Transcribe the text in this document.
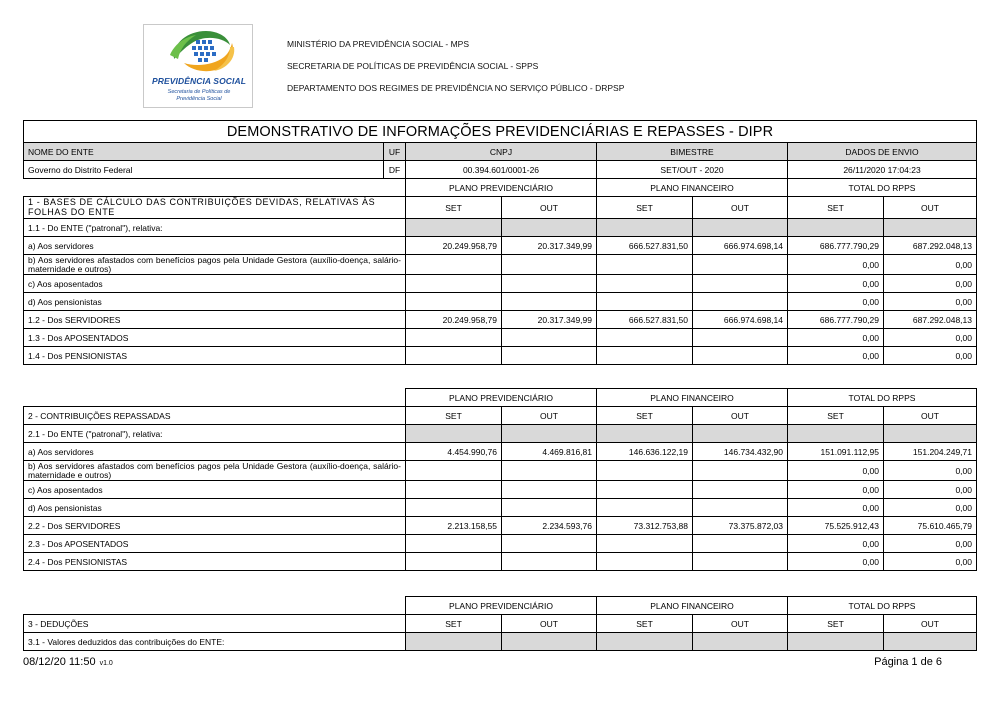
PREVIDÊNCIA SOCIAL
Secretaria de Políticas de
Previdência Social
MINISTÉRIO DA PREVIDÊNCIA SOCIAL - MPS
SECRETARIA DE POLÍTICAS DE PREVIDÊNCIA SOCIAL - SPPS
DEPARTAMENTO DOS REGIMES DE PREVIDÊNCIA NO SERVIÇO PÚBLICO - DRPSP
DEMONSTRATIVO DE INFORMAÇÕES PREVIDENCIÁRIAS E REPASSES - DIPR							
NOME DO ENTE	UF	CNPJ		BIMESTRE		DADOS DE ENVIO	
Governo do Distrito Federal	DF	00.394.601/0001-26		SET/OUT - 2020		26/11/2020 17:04:23	
		PLANO PREVIDENCIÁRIO		PLANO FINANCEIRO		TOTAL DO RPPS	
1 - BASES DE CÁLCULO DAS CONTRIBUIÇÕES DEVIDAS, RELATIVAS ÀS FOLHAS DO ENTE		SET	OUT	SET	OUT	SET	OUT
1.1 - Do ENTE ("patronal"), relativa:							
a) Aos servidores		20.249.958,79	20.317.349,99	666.527.831,50	666.974.698,14	686.777.790,29	687.292.048,13
b) Aos servidores afastados com benefícios pagos pela Unidade Gestora (auxílio-doença, salário-maternidade e outros)						0,00	0,00
c) Aos aposentados						0,00	0,00
d) Aos pensionistas						0,00	0,00
1.2 - Dos SERVIDORES		20.249.958,79	20.317.349,99	666.527.831,50	666.974.698,14	686.777.790,29	687.292.048,13
1.3 - Dos APOSENTADOS						0,00	0,00
1.4 - Dos PENSIONISTAS						0,00	0,00
	PLANO PREVIDENCIÁRIO		PLANO FINANCEIRO		TOTAL DO RPPS	
2 - CONTRIBUIÇÕES REPASSADAS	SET	OUT	SET	OUT	SET	OUT
2.1 - Do ENTE ("patronal"), relativa:						
a) Aos servidores	4.454.990,76	4.469.816,81	146.636.122,19	146.734.432,90	151.091.112,95	151.204.249,71
b) Aos servidores afastados com benefícios pagos pela Unidade Gestora (auxílio-doença, salário-maternidade e outros)					0,00	0,00
c) Aos aposentados					0,00	0,00
d) Aos pensionistas					0,00	0,00
2.2 - Dos SERVIDORES	2.213.158,55	2.234.593,76	73.312.753,88	73.375.872,03	75.525.912,43	75.610.465,79
2.3 - Dos APOSENTADOS					0,00	0,00
2.4 - Dos PENSIONISTAS					0,00	0,00
	PLANO PREVIDENCIÁRIO		PLANO FINANCEIRO		TOTAL DO RPPS	
3 - DEDUÇÕES	SET	OUT	SET	OUT	SET	OUT
3.1 - Valores deduzidos das contribuições do ENTE:						
08/12/20 11:50 v1.0	Página 1 de 6
